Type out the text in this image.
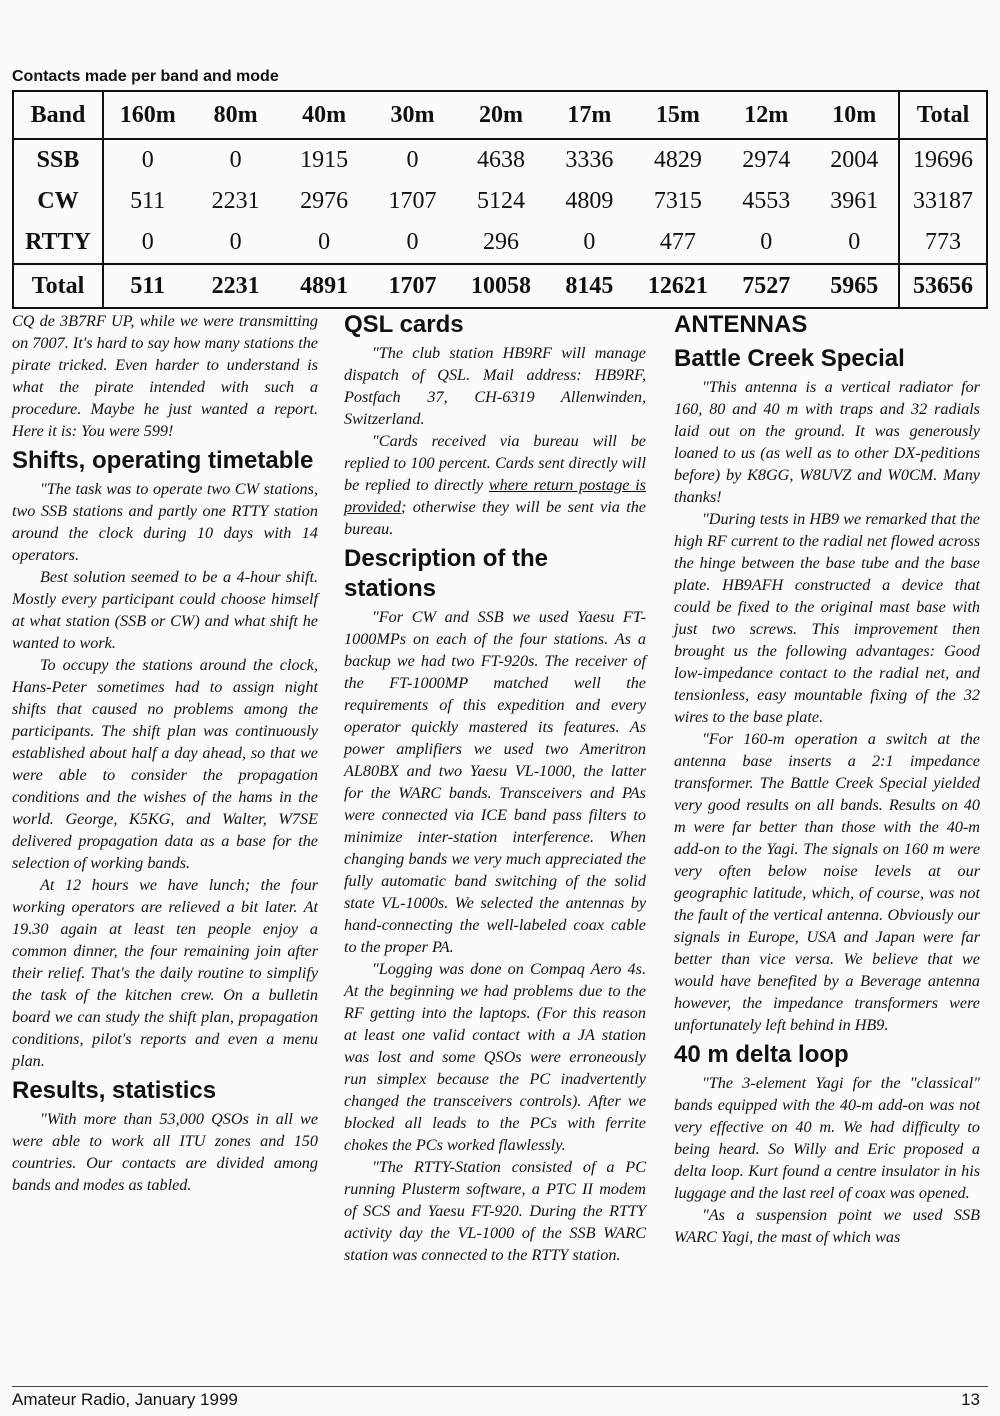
Contacts made per band and mode
Band	160m	80m	40m	30m	20m	17m	15m	12m	10m	Total
SSB	0	0	1915	0	4638	3336	4829	2974	2004	19696
CW	511	2231	2976	1707	5124	4809	7315	4553	3961	33187
RTTY	0	0	0	0	296	0	477	0	0	773
Total	511	2231	4891	1707	10058	8145	12621	7527	5965	53656

CQ de 3B7RF UP, while we were transmitting on 7007. It's hard to say how many stations the pirate tricked. Even harder to understand is what the pirate intended with such a procedure. Maybe he just wanted a report. Here it is: You were 599!

Shifts, operating timetable

"The task was to operate two CW stations, two SSB stations and partly one RTTY station around the clock during 10 days with 14 operators.

Best solution seemed to be a 4-hour shift. Mostly every participant could choose himself at what station (SSB or CW) and what shift he wanted to work.

To occupy the stations around the clock, Hans-Peter sometimes had to assign night shifts that caused no problems among the participants. The shift plan was continuously established about half a day ahead, so that we were able to consider the propagation conditions and the wishes of the hams in the world. George, K5KG, and Walter, W7SE delivered propagation data as a base for the selection of working bands.

At 12 hours we have lunch; the four working operators are relieved a bit later. At 19.30 again at least ten people enjoy a common dinner, the four remaining join after their relief. That's the daily routine to simplify the task of the kitchen crew. On a bulletin board we can study the shift plan, propagation conditions, pilot's reports and even a menu plan.

Results, statistics

"With more than 53,000 QSOs in all we were able to work all ITU zones and 150 countries. Our contacts are divided among bands and modes as tabled.

QSL cards

"The club station HB9RF will manage dispatch of QSL. Mail address: HB9RF, Postfach 37, CH-6319 Allenwinden, Switzerland.

"Cards received via bureau will be replied to 100 percent. Cards sent directly will be replied to directly where return postage is provided; otherwise they will be sent via the bureau.

Description of the stations

"For CW and SSB we used Yaesu FT-1000MPs on each of the four stations. As a backup we had two FT-920s. The receiver of the FT-1000MP matched well the requirements of this expedition and every operator quickly mastered its features. As power amplifiers we used two Ameritron AL80BX and two Yaesu VL-1000, the latter for the WARC bands. Transceivers and PAs were connected via ICE band pass filters to minimize inter-station interference. When changing bands we very much appreciated the fully automatic band switching of the solid state VL-1000s. We selected the antennas by hand-connecting the well-labeled coax cable to the proper PA.

"Logging was done on Compaq Aero 4s. At the beginning we had problems due to the RF getting into the laptops. (For this reason at least one valid contact with a JA station was lost and some QSOs were erroneously run simplex because the PC inadvertently changed the transceivers controls). After we blocked all leads to the PCs with ferrite chokes the PCs worked flawlessly.

"The RTTY-Station consisted of a PC running Plusterm software, a PTC II modem of SCS and Yaesu FT-920. During the RTTY activity day the VL-1000 of the SSB WARC station was connected to the RTTY station.

ANTENNAS
Battle Creek Special

"This antenna is a vertical radiator for 160, 80 and 40 m with traps and 32 radials laid out on the ground. It was generously loaned to us (as well as to other DX-peditions before) by K8GG, W8UVZ and W0CM. Many thanks!

"During tests in HB9 we remarked that the high RF current to the radial net flowed across the hinge between the base tube and the base plate. HB9AFH constructed a device that could be fixed to the original mast base with just two screws. This improvement then brought us the following advantages: Good low-impedance contact to the radial net, and tensionless, easy mountable fixing of the 32 wires to the base plate.

"For 160-m operation a switch at the antenna base inserts a 2:1 impedance transformer. The Battle Creek Special yielded very good results on all bands. Results on 40 m were far better than those with the 40-m add-on to the Yagi. The signals on 160 m were very often below noise levels at our geographic latitude, which, of course, was not the fault of the vertical antenna. Obviously our signals in Europe, USA and Japan were far better than vice versa. We believe that we would have benefited by a Beverage antenna however, the impedance transformers were unfortunately left behind in HB9.

40 m delta loop

"The 3-element Yagi for the "classical" bands equipped with the 40-m add-on was not very effective on 40 m. We had difficulty to being heard. So Willy and Eric proposed a delta loop. Kurt found a centre insulator in his luggage and the last reel of coax was opened.

"As a suspension point we used SSB WARC Yagi, the mast of which was

Amateur Radio, January 1999	13
